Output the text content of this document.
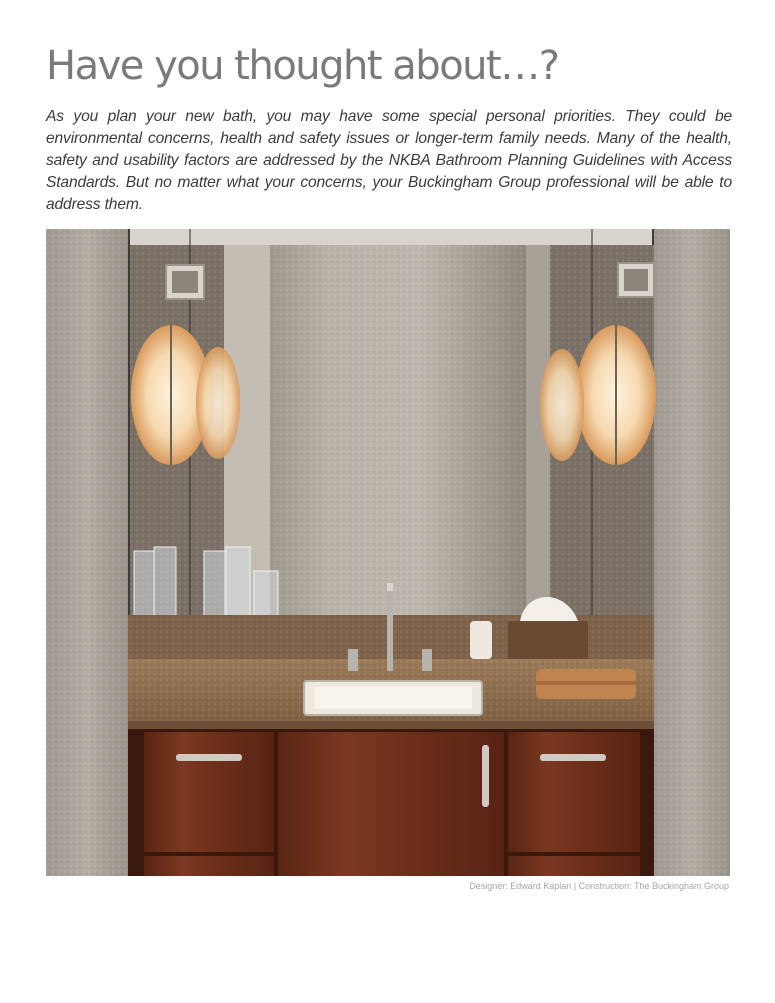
Have you thought about…?

As you plan your new bath, you may have some special personal priorities. They could be environmental concerns, health and safety issues or longer-term family needs. Many of the health, safety and usability factors are addressed by the NKBA Bathroom Planning Guidelines with Access Standards. But no matter what your concerns, your Buckingham Group professional will be able to address them.

Designer: Edward Kaplan | Construction: The Buckingham Group
